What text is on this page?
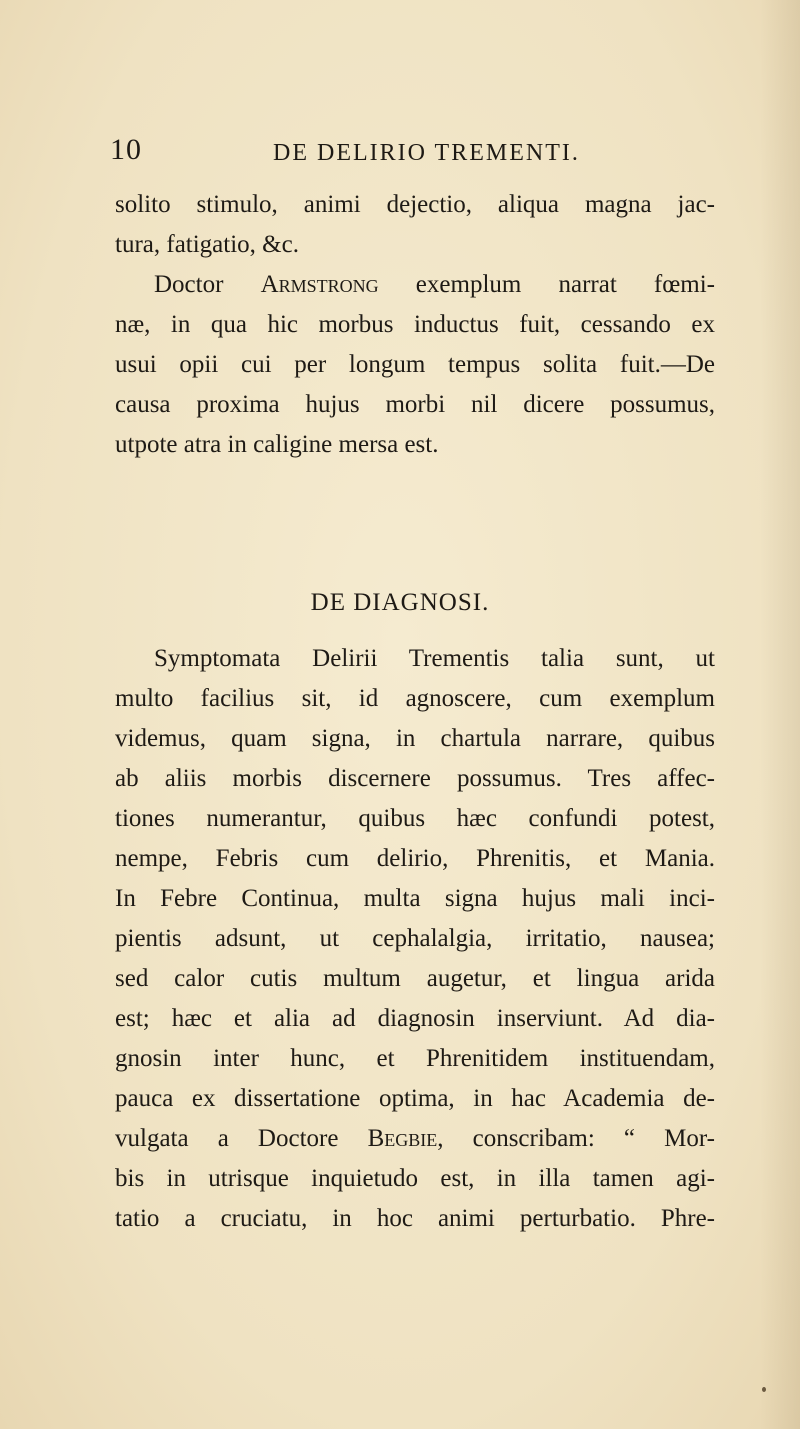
10	DE DELIRIO TREMENTI.
solito stimulo, animi dejectio, aliqua magna jac-
tura, fatigatio, &c.
Doctor Armstrong exemplum narrat fœmi-
næ, in qua hic morbus inductus fuit, cessando ex
usui opii cui per longum tempus solita fuit.—De
causa proxima hujus morbi nil dicere possumus,
utpote atra in caligine mersa est.
DE DIAGNOSI.
Symptomata Delirii Trementis talia sunt, ut
multo facilius sit, id agnoscere, cum exemplum
videmus, quam signa, in chartula narrare, quibus
ab aliis morbis discernere possumus. Tres affec-
tiones numerantur, quibus hæc confundi potest,
nempe, Febris cum delirio, Phrenitis, et Mania.
In Febre Continua, multa signa hujus mali inci-
pientis adsunt, ut cephalalgia, irritatio, nausea;
sed calor cutis multum augetur, et lingua arida
est; hæc et alia ad diagnosin inserviunt. Ad dia-
gnosin inter hunc, et Phrenitidem instituendam,
pauca ex dissertatione optima, in hac Academia de-
vulgata a Doctore Begbie, conscribam: “ Mor-
bis in utrisque inquietudo est, in illa tamen agi-
tatio a cruciatu, in hoc animi perturbatio. Phre-
